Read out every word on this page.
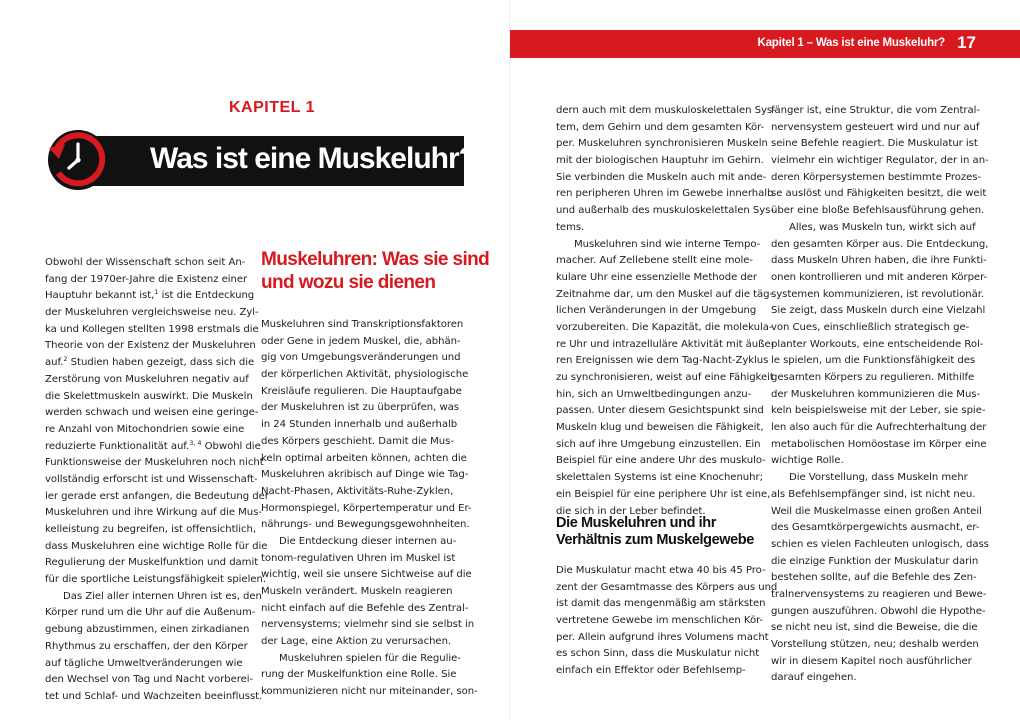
Kapitel 1 – Was ist eine Muskeluhr? 17
KAPITEL 1
Was ist eine Muskeluhr?
Obwohl der Wissenschaft schon seit An-
fang der 1970er-Jahre die Existenz einer
Hauptuhr bekannt ist,$^1$ ist die Entdeckung
der Muskeluhren vergleichsweise neu. Zyl-
ka und Kollegen stellten 1998 erstmals die
Theorie von der Existenz der Muskeluhren
auf.$^2$ Studien haben gezeigt, dass sich die
Zerstörung von Muskeluhren negativ auf
die Skelettmuskeln auswirkt. Die Muskeln
werden schwach und weisen eine geringe-
re Anzahl von Mitochondrien sowie eine
reduzierte Funktionalität auf.$^{3, 4}$ Obwohl die
Funktionsweise der Muskeluhren noch nicht
vollständig erforscht ist und Wissenschaft-
ler gerade erst anfangen, die Bedeutung der
Muskeluhren und ihre Wirkung auf die Mus-
kelleistung zu begreifen, ist offensichtlich,
dass Muskeluhren eine wichtige Rolle für die
Regulierung der Muskelfunktion und damit
für die sportliche Leistungsfähigkeit spielen.
Das Ziel aller internen Uhren ist es, den
Körper rund um die Uhr auf die Außenum-
gebung abzustimmen, einen zirkadianen
Rhythmus zu erschaffen, der den Körper
auf tägliche Umweltveränderungen wie
den Wechsel von Tag und Nacht vorberei-
tet und Schlaf- und Wachzeiten beeinflusst.
Muskeluhren: Was sie sind
und wozu sie dienen
Muskeluhren sind Transkriptionsfaktoren
oder Gene in jedem Muskel, die, abhän-
gig von Umgebungsveränderungen und
der körperlichen Aktivität, physiologische
Kreisläufe regulieren. Die Hauptaufgabe
der Muskeluhren ist zu überprüfen, was
in 24 Stunden innerhalb und außerhalb
des Körpers geschieht. Damit die Mus-
keln optimal arbeiten können, achten die
Muskeluhren akribisch auf Dinge wie Tag-
Nacht-Phasen, Aktivitäts-Ruhe-Zyklen,
Hormonspiegel, Körpertemperatur und Er-
nährungs- und Bewegungsgewohnheiten.
Die Entdeckung dieser internen au-
tonom-regulativen Uhren im Muskel ist
wichtig, weil sie unsere Sichtweise auf die
Muskeln verändert. Muskeln reagieren
nicht einfach auf die Befehle des Zentral-
nervensystems; vielmehr sind sie selbst in
der Lage, eine Aktion zu verursachen.
Muskeluhren spielen für die Regulie-
rung der Muskelfunktion eine Rolle. Sie
kommunizieren nicht nur miteinander, son-
dern auch mit dem muskuloskelettalen Sys-
tem, dem Gehirn und dem gesamten Kör-
per. Muskeluhren synchronisieren Muskeln
mit der biologischen Hauptuhr im Gehirn.
Sie verbinden die Muskeln auch mit ande-
ren peripheren Uhren im Gewebe innerhalb
und außerhalb des muskuloskelettalen Sys-
tems.
Muskeluhren sind wie interne Tempo-
macher. Auf Zellebene stellt eine mole-
kulare Uhr eine essenzielle Methode der
Zeitnahme dar, um den Muskel auf die täg-
lichen Veränderungen in der Umgebung
vorzubereiten. Die Kapazität, die molekula-
re Uhr und intrazelluläre Aktivität mit äuße-
ren Ereignissen wie dem Tag-Nacht-Zyklus
zu synchronisieren, weist auf eine Fähigkeit
hin, sich an Umweltbedingungen anzu-
passen. Unter diesem Gesichtspunkt sind
Muskeln klug und beweisen die Fähigkeit,
sich auf ihre Umgebung einzustellen. Ein
Beispiel für eine andere Uhr des muskulo-
skelettalen Systems ist eine Knochenuhr;
ein Beispiel für eine periphere Uhr ist eine,
die sich in der Leber befindet.
Die Muskeluhren und ihr
Verhältnis zum Muskelgewebe
Die Muskulatur macht etwa 40 bis 45 Pro-
zent der Gesamtmasse des Körpers aus und
ist damit das mengenmäßig am stärksten
vertretene Gewebe im menschlichen Kör-
per. Allein aufgrund ihres Volumens macht
es schon Sinn, dass die Muskulatur nicht
einfach ein Effektor oder Befehlsemp-
fänger ist, eine Struktur, die vom Zentral-
nervensystem gesteuert wird und nur auf
seine Befehle reagiert. Die Muskulatur ist
vielmehr ein wichtiger Regulator, der in an-
deren Körpersystemen bestimmte Prozes-
se auslöst und Fähigkeiten besitzt, die weit
über eine bloße Befehlsausführung gehen.
Alles, was Muskeln tun, wirkt sich auf
den gesamten Körper aus. Die Entdeckung,
dass Muskeln Uhren haben, die ihre Funkti-
onen kontrollieren und mit anderen Körper-
systemen kommunizieren, ist revolutionär.
Sie zeigt, dass Muskeln durch eine Vielzahl
von Cues, einschließlich strategisch ge-
planter Workouts, eine entscheidende Rol-
le spielen, um die Funktionsfähigkeit des
gesamten Körpers zu regulieren. Mithilfe
der Muskeluhren kommunizieren die Mus-
keln beispielsweise mit der Leber, sie spie-
len also auch für die Aufrechterhaltung der
metabolischen Homöostase im Körper eine
wichtige Rolle.
Die Vorstellung, dass Muskeln mehr
als Befehlsempfänger sind, ist nicht neu.
Weil die Muskelmasse einen großen Anteil
des Gesamtkörpergewichts ausmacht, er-
schien es vielen Fachleuten unlogisch, dass
die einzige Funktion der Muskulatur darin
bestehen sollte, auf die Befehle des Zen-
tralnervensystems zu reagieren und Bewe-
gungen auszuführen. Obwohl die Hypothe-
se nicht neu ist, sind die Beweise, die die
Vorstellung stützen, neu; deshalb werden
wir in diesem Kapitel noch ausführlicher
darauf eingehen.
